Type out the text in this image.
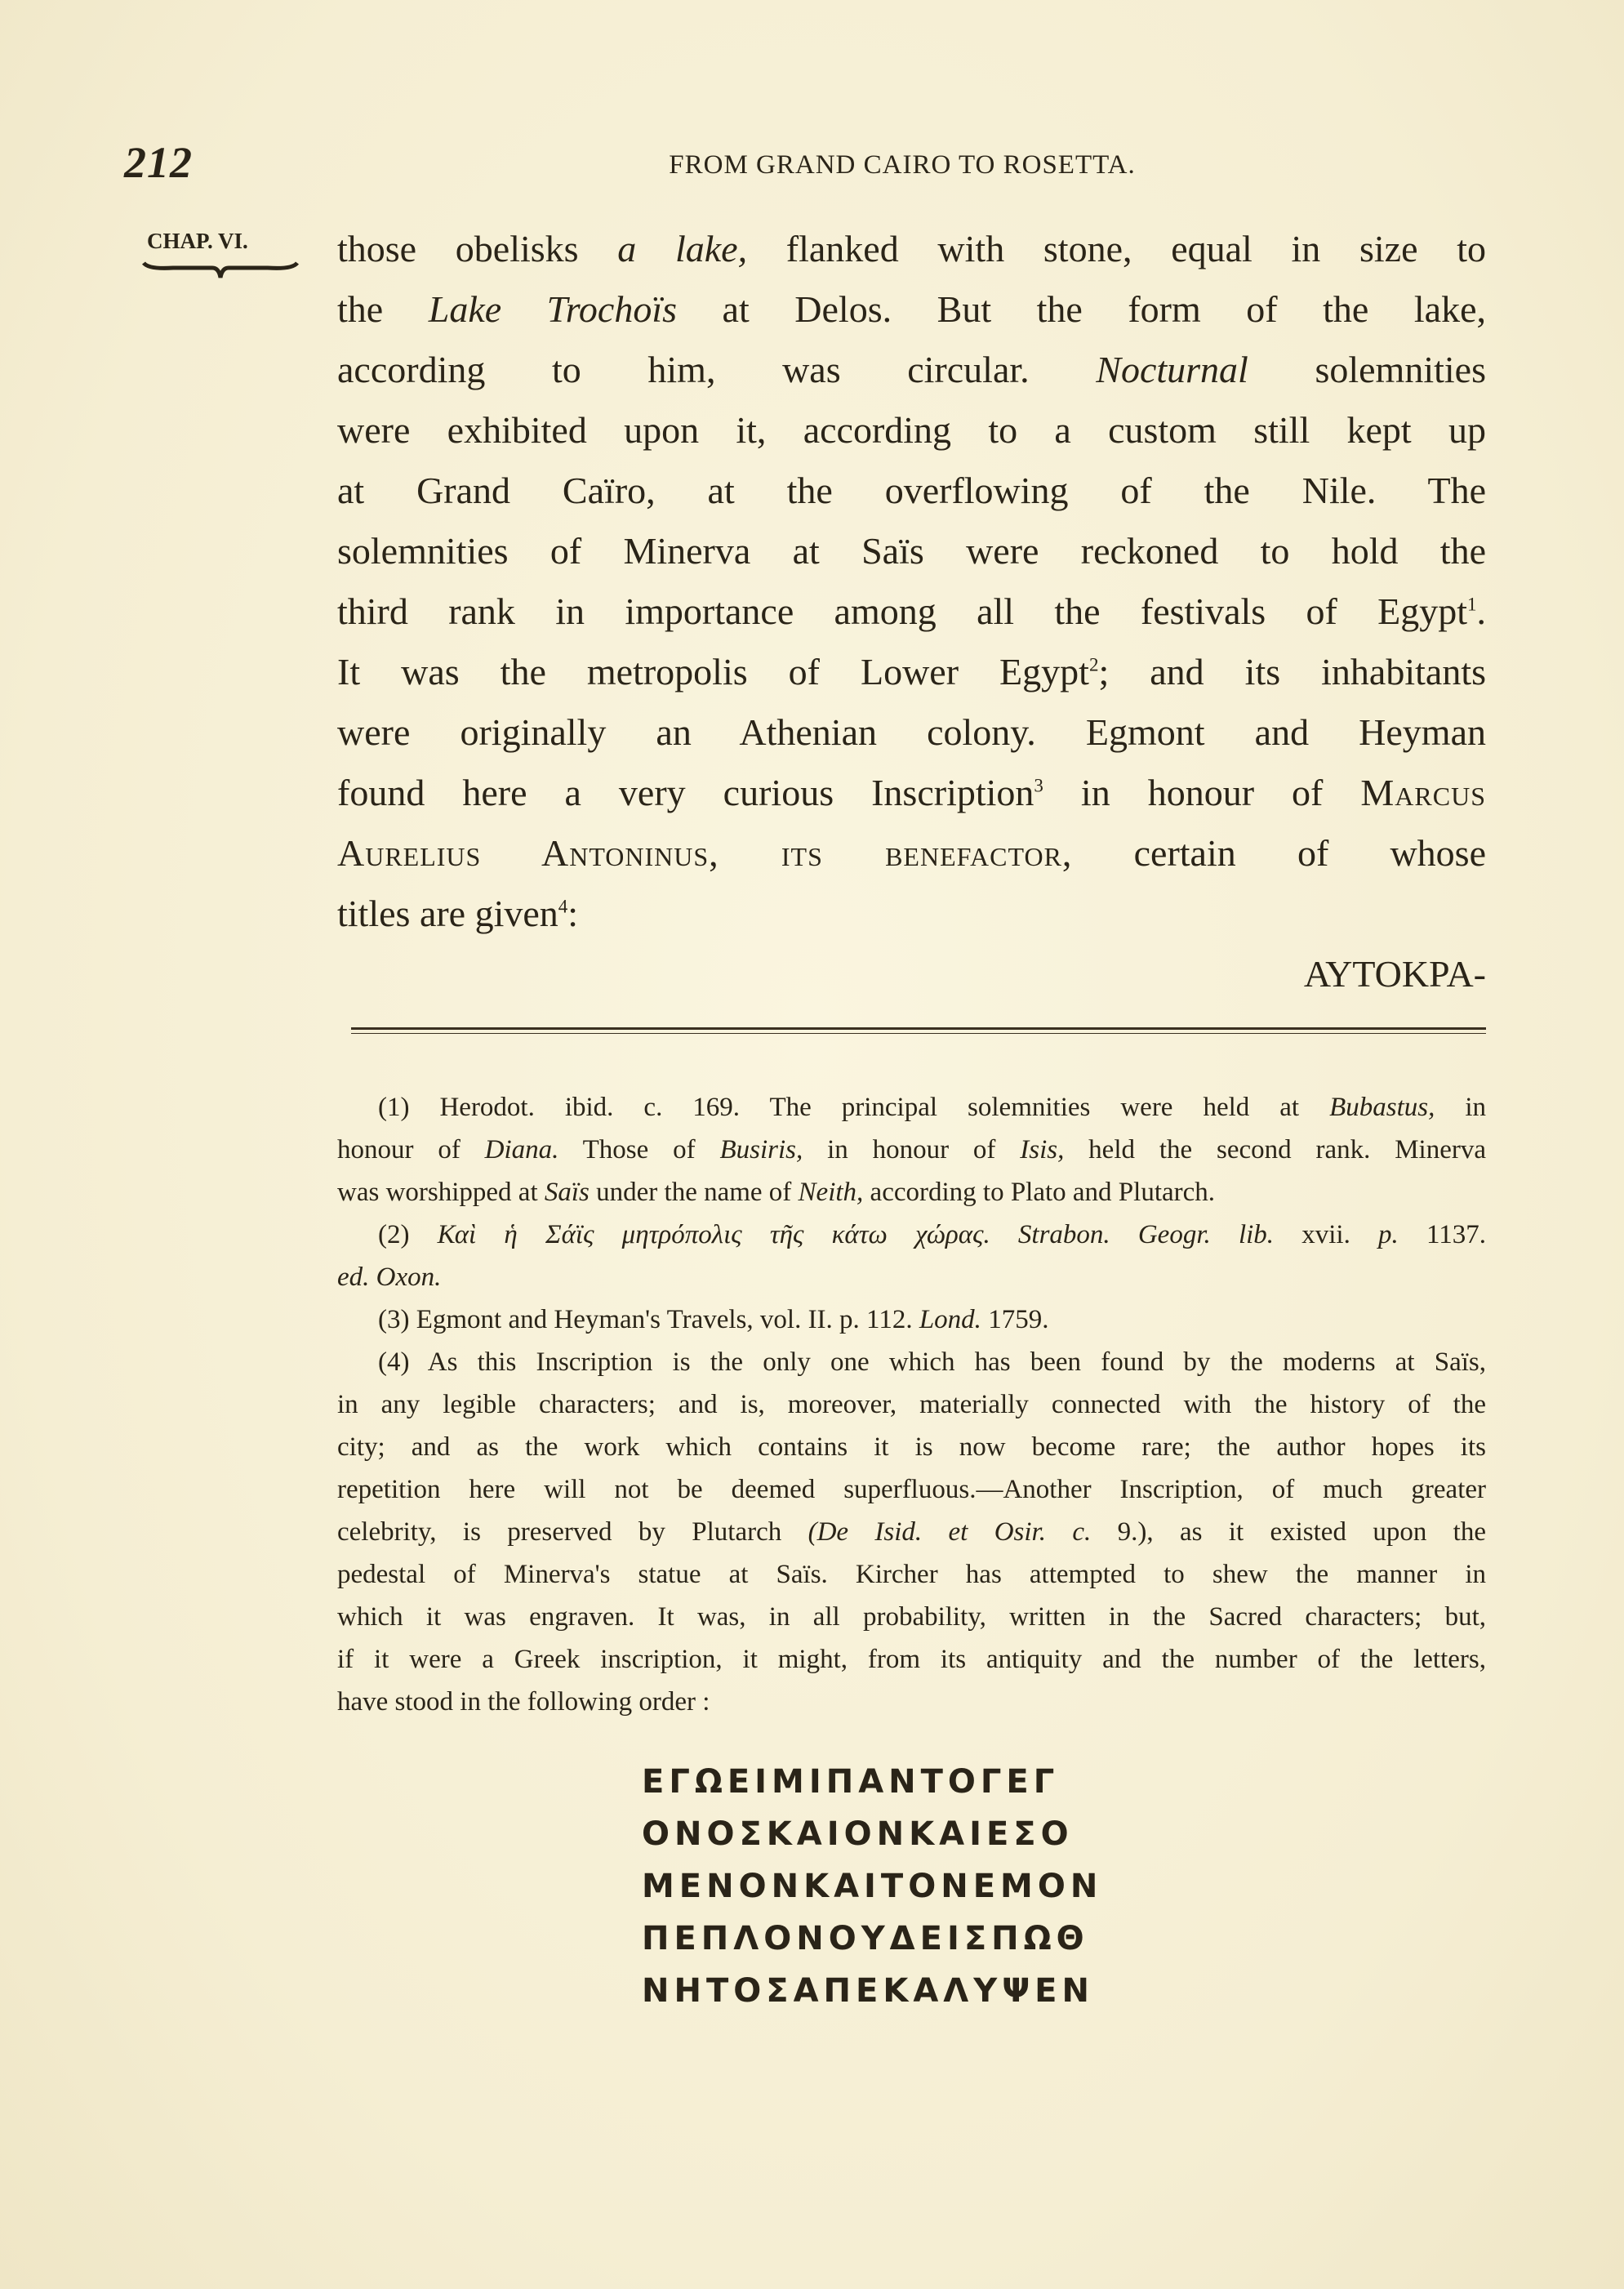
212	FROM GRAND CAIRO TO ROSETTA.
CHAP. VI. those obelisks a lake, flanked with stone, equal in size to
the Lake Trochoïs at Delos. But the form of the lake,
according to him, was circular. Nocturnal solemnities
were exhibited upon it, according to a custom still kept up
at Grand Caïro, at the overflowing of the Nile. The
solemnities of Minerva at Saïs were reckoned to hold the
third rank in importance among all the festivals of Egypt$^1$.
It was the metropolis of Lower Egypt$^2$; and its inhabitants
were originally an Athenian colony. Egmont and Heyman
found here a very curious Inscription$^3$ in honour of Marcus
Aurelius Antoninus, its benefactor, certain of whose
titles are given$^4$:
ΑΥΤΟΚΡΑ-
(1) Herodot. ibid. c. 169. The principal solemnities were held at Bubastus, in
honour of Diana. Those of Busiris, in honour of Isis, held the second rank. Minerva
was worshipped at Saïs under the name of Neith, according to Plato and Plutarch.
(2) Καὶ ἡ Σάϊς μητρόπολις τῆς κάτω χώρας. Strabon. Geogr. lib. xvii. p. 1137.
ed. Oxon.
(3) Egmont and Heyman's Travels, vol. II. p. 112. Lond. 1759.
(4) As this Inscription is the only one which has been found by the moderns at Saïs,
in any legible characters; and is, moreover, materially connected with the history of the
city; and as the work which contains it is now become rare; the author hopes its
repetition here will not be deemed superfluous.—Another Inscription, of much greater
celebrity, is preserved by Plutarch (De Isid. et Osir. c. 9.), as it existed upon the
pedestal of Minerva's statue at Saïs. Kircher has attempted to shew the manner in
which it was engraven. It was, in all probability, written in the Sacred characters; but,
if it were a Greek inscription, it might, from its antiquity and the number of the letters,
have stood in the following order :
ΕΓΩΕΙΜΙΠΑΝΤΟΓΕΓ
ΟΝΟΣΚΑΙΟΝΚΑΙΕΣΟ
ΜΕΝΟΝΚΑΙΤΟΝΕΜΟΝ
ΠΕΠΛΟΝΟΥΔΕΙΣΠΩΘ
ΝΗΤΟΣΑΠΕΚΑΛΥΨΕΝ
